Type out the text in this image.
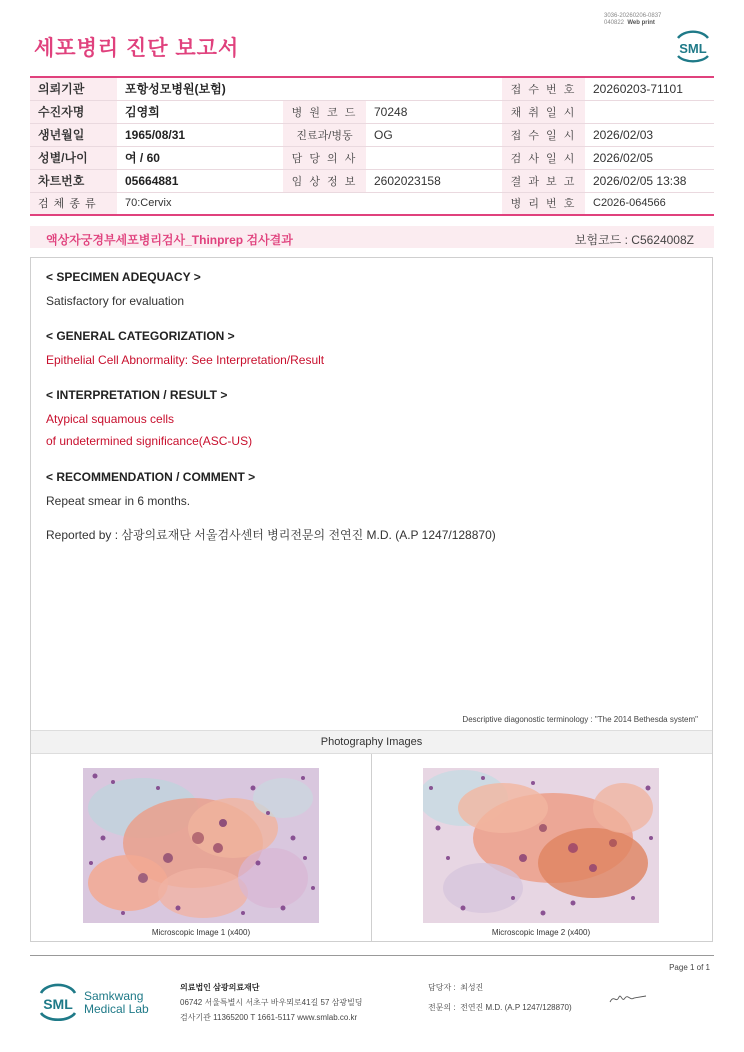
3036-20260206-0837
040822 Web print
세포병리 진단 보고서	SML
의뢰기관	포항성모병원(보험)			접 수 번 호	20260203-71101
수진자명	김영희	병 원 코 드	70248	채 취 일 시	
생년월일	1965/08/31	진료과/병동	OG	접 수 일 시	2026/02/03
성별/나이	여 / 60	담 당 의 사		검 사 일 시	2026/02/05
차트번호	05664881	임 상 정 보	2602023158	결 과 보 고	2026/02/05 13:38
검 체 종 류	70:Cervix			병 리 번 호	C2026-064566
액상자궁경부세포병리검사_Thinprep 검사결과	보험코드 : C5624008Z
< SPECIMEN ADEQUACY >
Satisfactory for evaluation
< GENERAL CATEGORIZATION >
Epithelial Cell Abnormality: See Interpretation/Result
< INTERPRETATION / RESULT >
Atypical squamous cells
of undetermined significance(ASC-US)
< RECOMMENDATION / COMMENT >
Repeat smear in 6 months.
Reported by : 삼광의료재단 서울검사센터 병리전문의 전연진 M.D. (A.P 1247/128870)
Descriptive diagonostic terminology : "The 2014 Bethesda system"
Photography Images
Microscopic Image 1 (x400)	Microscopic Image 2 (x400)
Page 1 of 1
SML Samkwang
Medical Lab
의료법인 삼광의료재단
06742 서울특별시 서초구 바우뫼로41길 57 삼광빌딩
검사기관 11365200 T 1661-5117 www.smlab.co.kr
담당자 : 최성진
전문의 : 전연진 M.D. (A.P 1247/128870)
